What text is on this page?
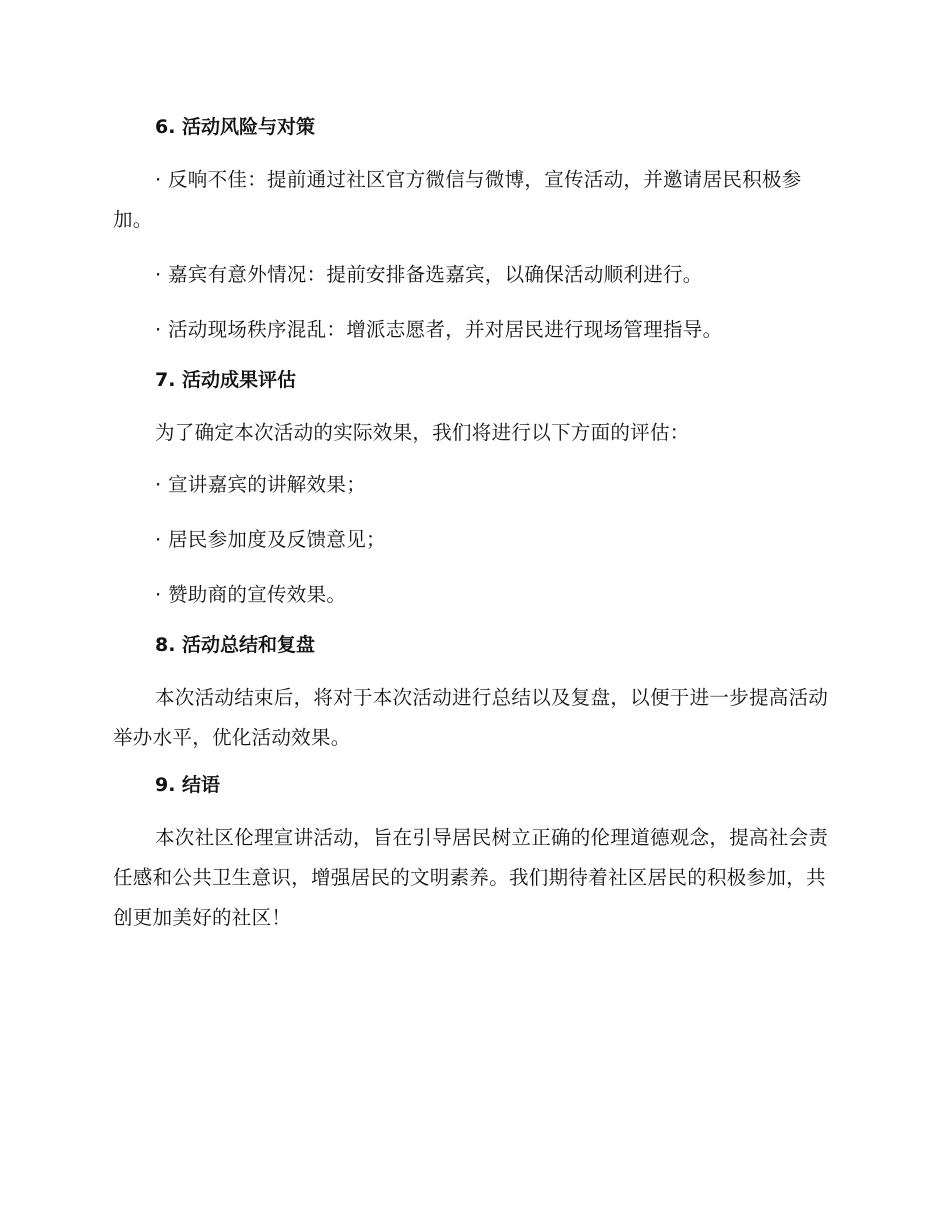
6. 活动风险与对策

· 反响不佳：提前通过社区官方微信与微博，宣传活动，并邀请居民积极参加。

· 嘉宾有意外情况：提前安排备选嘉宾，以确保活动顺利进行。

· 活动现场秩序混乱：增派志愿者，并对居民进行现场管理指导。

7. 活动成果评估

为了确定本次活动的实际效果，我们将进行以下方面的评估：

· 宣讲嘉宾的讲解效果；

· 居民参加度及反馈意见；

· 赞助商的宣传效果。

8. 活动总结和复盘

本次活动结束后，将对于本次活动进行总结以及复盘，以便于进一步提高活动举办水平，优化活动效果。

9. 结语

本次社区伦理宣讲活动，旨在引导居民树立正确的伦理道德观念，提高社会责任感和公共卫生意识，增强居民的文明素养。我们期待着社区居民的积极参加，共创更加美好的社区！
